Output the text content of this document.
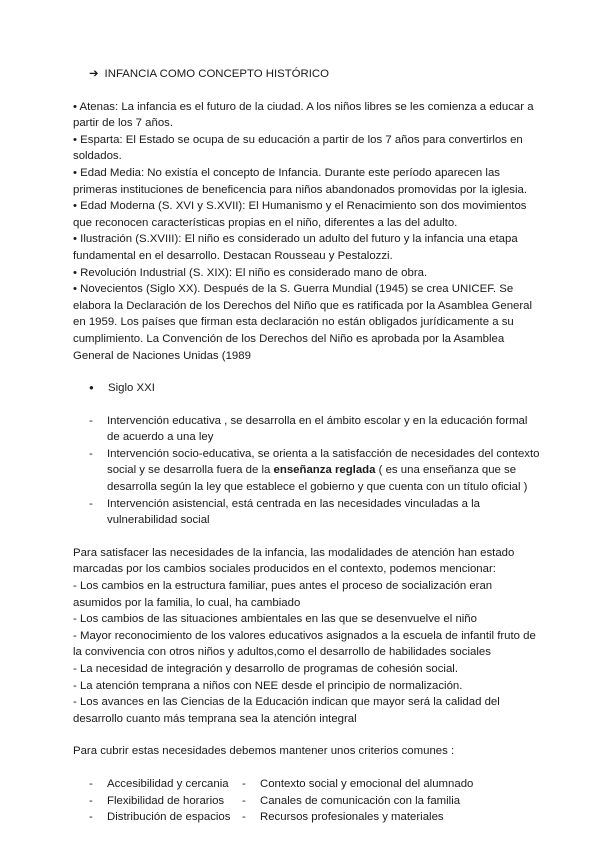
➔ INFANCIA COMO CONCEPTO HISTÓRICO

• Atenas: La infancia es el futuro de la ciudad. A los niños libres se les comienza a educar a partir de los 7 años.

• Esparta: El Estado se ocupa de su educación a partir de los 7 años para convertirlos en soldados.

• Edad Media: No existía el concepto de Infancia. Durante este período aparecen las primeras instituciones de beneficencia para niños abandonados promovidas por la iglesia.

• Edad Moderna (S. XVI y S.XVII): El Humanismo y el Renacimiento son dos movimientos que reconocen características propias en el niño, diferentes a las del adulto.

• Ilustración (S.XVIII): El niño es considerado un adulto del futuro y la infancia una etapa fundamental en el desarrollo. Destacan Rousseau y Pestalozzi.

• Revolución Industrial (S. XIX): El niño es considerado mano de obra.

• Novecientos (Siglo XX). Después de la S. Guerra Mundial (1945) se crea UNICEF. Se elabora la Declaración de los Derechos del Niño que es ratificada por la Asamblea General en 1959. Los países que firman esta declaración no están obligados jurídicamente a su cumplimiento. La Convención de los Derechos del Niño es aprobada por la Asamblea General de Naciones Unidas (1989

● Siglo XXI
- Intervención educativa , se desarrolla en el ámbito escolar y en la educación formal de acuerdo a una ley
- Intervención socio-educativa, se orienta a la satisfacción de necesidades del contexto social y se desarrolla fuera de la enseñanza reglada ( es una enseñanza que se desarrolla según la ley que establece el gobierno y que cuenta con un título oficial )
- Intervención asistencial, está centrada en las necesidades vinculadas a la vulnerabilidad social

Para satisfacer las necesidades de la infancia, las modalidades de atención han estado marcadas por los cambios sociales producidos en el contexto, podemos mencionar:

- Los cambios en la estructura familiar, pues antes el proceso de socialización eran asumidos por la familia, lo cual, ha cambiado

- Los cambios de las situaciones ambientales en las que se desenvuelve el niño

- Mayor reconocimiento de los valores educativos asignados a la escuela de infantil fruto de la convivencia con otros niños y adultos,como el desarrollo de habilidades sociales

- La necesidad de integración y desarrollo de programas de cohesión social.

- La atención temprana a niños con NEE desde el principio de normalización.

- Los avances en las Ciencias de la Educación indican que mayor será la calidad del desarrollo cuanto más temprana sea la atención integral

Para cubrir estas necesidades debemos mantener unos criterios comunes :

-	Accesibilidad y cercania -	Contexto social y emocional del alumnado
-	Flexibilidad de horarios -	Canales de comunicación con la familia
-	Distribución de espacios -	Recursos profesionales y materiales
